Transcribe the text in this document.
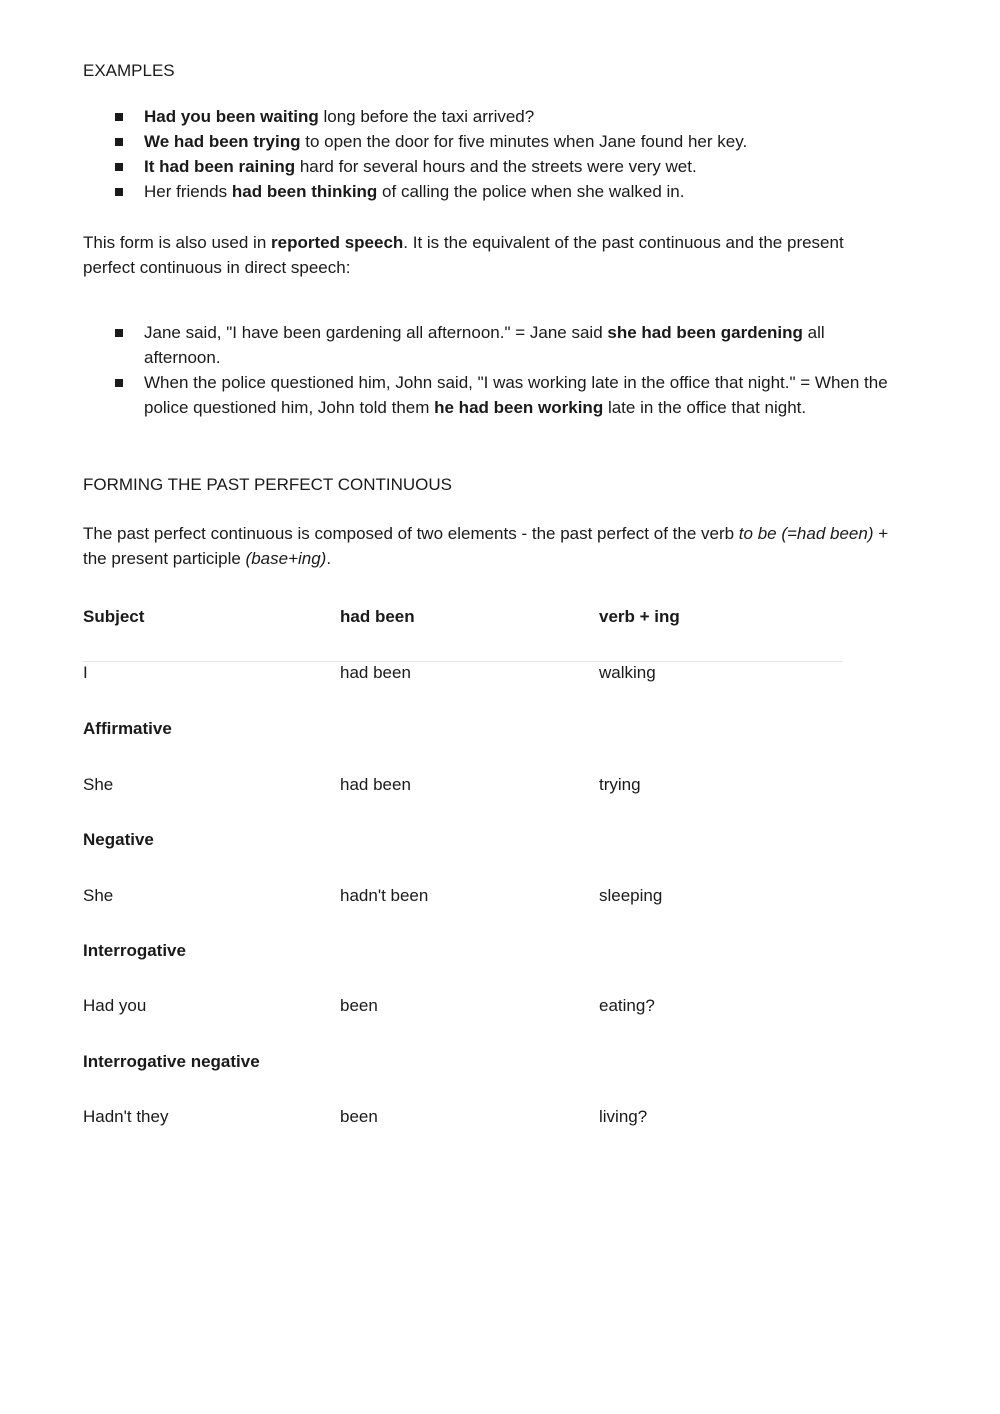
EXAMPLES
Had you been waiting long before the taxi arrived?
We had been trying to open the door for five minutes when Jane found her key.
It had been raining hard for several hours and the streets were very wet.
Her friends had been thinking of calling the police when she walked in.
This form is also used in reported speech. It is the equivalent of the past continuous and the present perfect continuous in direct speech:
Jane said, "I have been gardening all afternoon." = Jane said she had been gardening all afternoon.
When the police questioned him, John said, "I was working late in the office that night." = When the police questioned him, John told them he had been working late in the office that night.
FORMING THE PAST PERFECT CONTINUOUS
The past perfect continuous is composed of two elements - the past perfect of the verb to be (=had been) + the present participle (base+ing).
Subject	had been	verb + ing
I	had been	walking
Affirmative
She	had been	trying
Negative
She	hadn't been	sleeping
Interrogative
Had you	been	eating?
Interrogative negative
Hadn't they	been	living?
